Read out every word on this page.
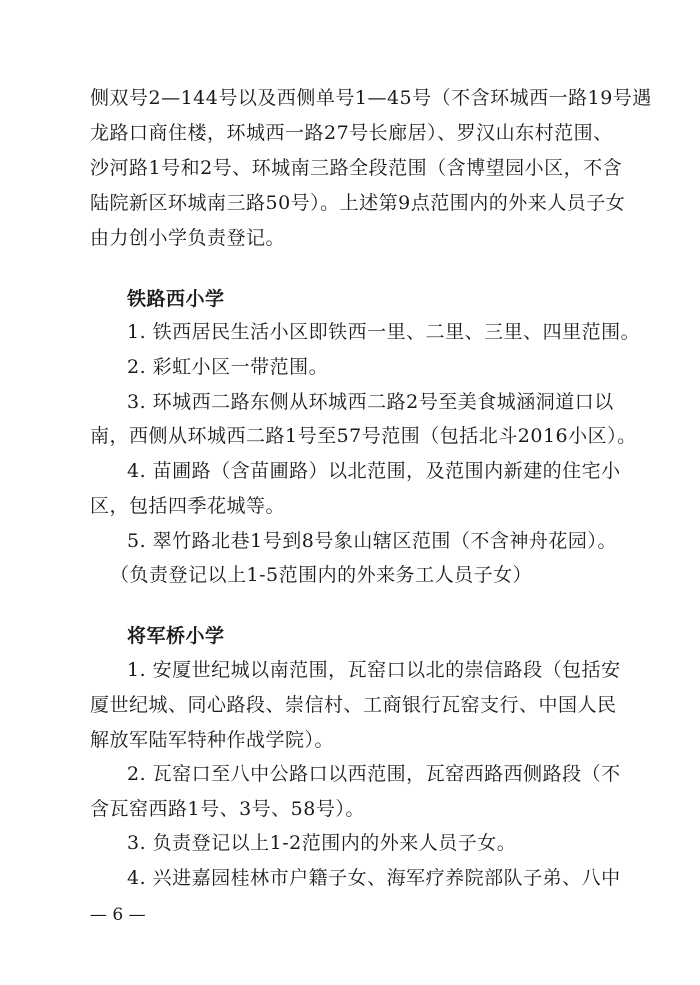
侧双号2—144号以及西侧单号1—45号（不含环城西一路19号遇
龙路口商住楼，环城西一路27号长廊居）、罗汉山东村范围、
沙河路1号和2号、环城南三路全段范围（含博望园小区，不含
陆院新区环城南三路50号）。上述第9点范围内的外来人员子女
由力创小学负责登记。
铁路西小学
1. 铁西居民生活小区即铁西一里、二里、三里、四里范围。
2. 彩虹小区一带范围。
3. 环城西二路东侧从环城西二路2号至美食城涵洞道口以
南，西侧从环城西二路1号至57号范围（包括北斗2016小区）。
4. 苗圃路（含苗圃路）以北范围，及范围内新建的住宅小
区，包括四季花城等。
5. 翠竹路北巷1号到8号象山辖区范围（不含神舟花园）。
（负责登记以上1-5范围内的外来务工人员子女）
将军桥小学
1. 安厦世纪城以南范围，瓦窑口以北的崇信路段（包括安
厦世纪城、同心路段、崇信村、工商银行瓦窑支行、中国人民
解放军陆军特种作战学院）。
2. 瓦窑口至八中公路口以西范围，瓦窑西路西侧路段（不
含瓦窑西路1号、3号、58号）。
3. 负责登记以上1-2范围内的外来人员子女。
4. 兴进嘉园桂林市户籍子女、海军疗养院部队子弟、八中
— 6 —
